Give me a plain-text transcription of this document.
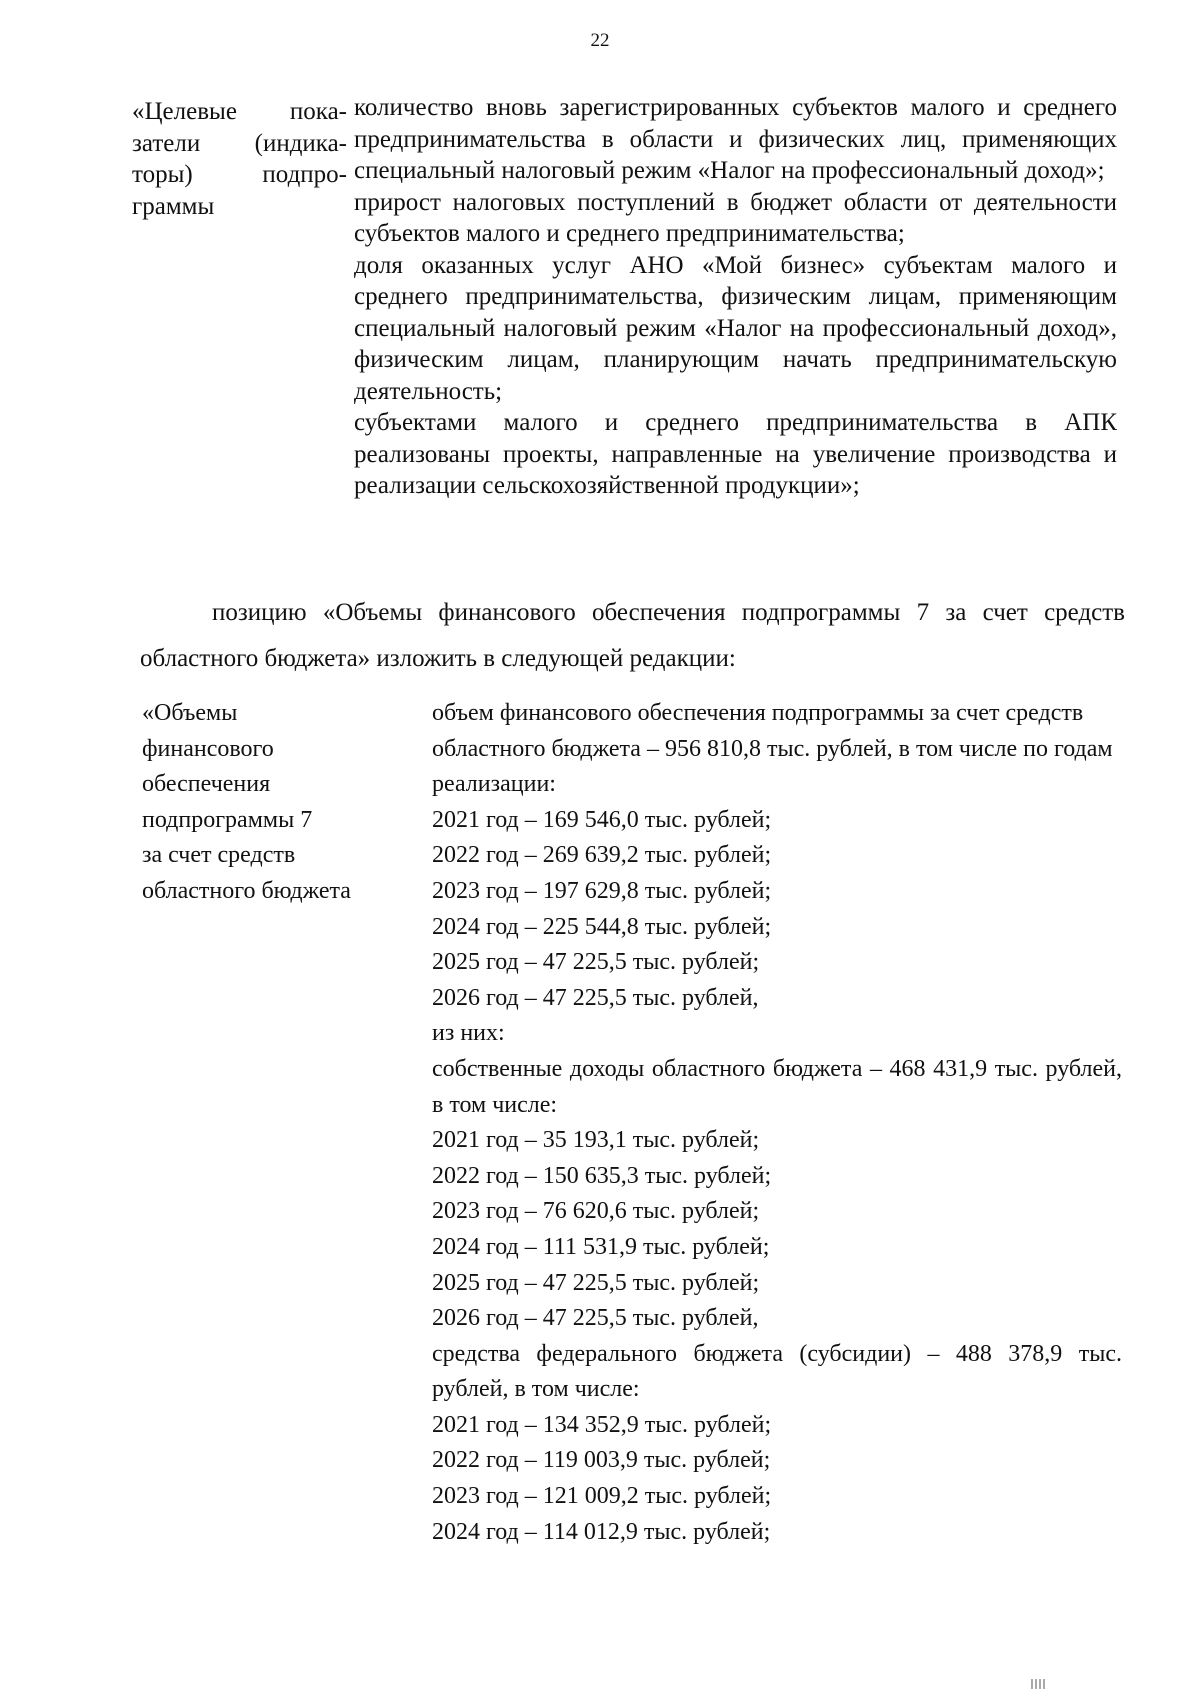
22
«Целевые пока-
затели (индика-
торы)	подпро-
граммы

количество вновь зарегистрированных субъектов малого и среднего предпринимательства в области и физических лиц, применяющих специальный налоговый режим «Налог на профессиональный доход»;

прирост налоговых поступлений в бюджет области от деятельности субъектов малого и среднего предпринимательства;

доля оказанных услуг АНО «Мой бизнес» субъектам малого и среднего предпринимательства, физическим лицам, применяющим специальный налоговый режим «Налог на профессиональный доход», физическим лицам, планирующим начать предпринимательскую деятельность;

субъектами малого и среднего предпринимательства в АПК реализованы проекты, направленные на увеличение производства и реализации сельскохозяйственной продукции»;

позицию «Объемы финансового обеспечения подпрограммы 7 за счет средств областного бюджета» изложить в следующей редакции:

«Объемы

финансового

обеспечения

подпрограммы 7

за счет средств

областного бюджета

объем финансового обеспечения подпрограммы за счет средств областного бюджета – 956 810,8 тыс. рублей, в том числе по годам реализации:

2021 год – 169 546,0 тыс. рублей;

2022 год – 269 639,2 тыс. рублей;

2023 год – 197 629,8 тыс. рублей;

2024 год – 225 544,8 тыс. рублей;

2025 год – 47 225,5 тыс. рублей;

2026 год – 47 225,5 тыс. рублей,

из них:

собственные доходы областного бюджета – 468 431,9 тыс. рублей, в том числе:

2021 год – 35 193,1 тыс. рублей;

2022 год – 150 635,3 тыс. рублей;

2023 год – 76 620,6 тыс. рублей;

2024 год – 111 531,9 тыс. рублей;

2025 год – 47 225,5 тыс. рублей;

2026 год – 47 225,5 тыс. рублей,

средства федерального бюджета (субсидии) – 488 378,9 тыс. рублей, в том числе:

2021 год – 134 352,9 тыс. рублей;

2022 год – 119 003,9 тыс. рублей;

2023 год – 121 009,2 тыс. рублей;

2024 год – 114 012,9 тыс. рублей;
